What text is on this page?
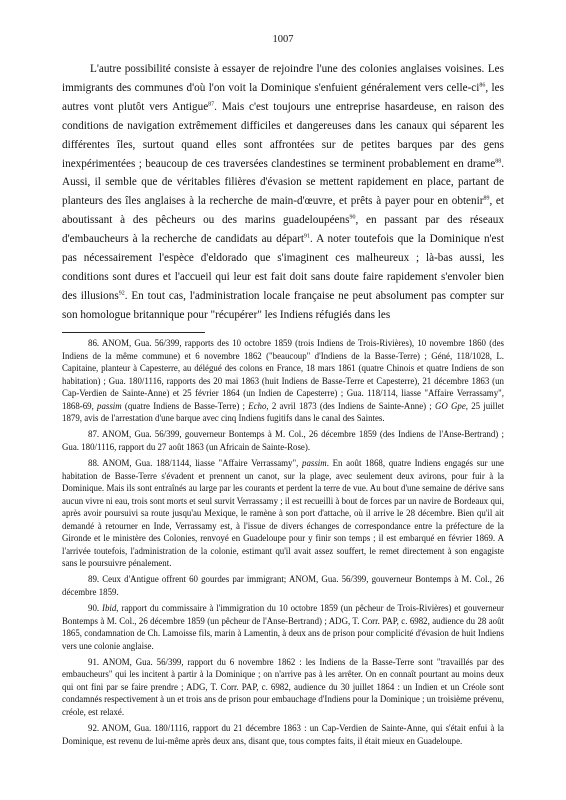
1007

L'autre possibilité consiste à essayer de rejoindre l'une des colonies anglaises voisines. Les immigrants des communes d'où l'on voit la Dominique s'enfuient généralement vers celle-$ci^{86}$, les autres vont plutôt vers Antigue$^{87}$. Mais c'est toujours une entreprise hasardeuse, en raison des conditions de navigation extrêmement difficiles et dangereuses dans les canaux qui séparent les différentes îles, surtout quand elles sont affrontées sur de petites barques par des gens inexpérimentées ; beaucoup de ces traversées clandestines se terminent probablement en drame$^{88}$. Aussi, il semble que de véritables filières d'évasion se mettent rapidement en place, partant de planteurs des îles anglaises à la recherche de main-d'œuvre, et prêts à payer pour en obtenir$^{89}$, et aboutissant à des pêcheurs ou des marins guadeloupéens$^{90}$, en passant par des réseaux d'embaucheurs à la recherche de candidats au départ$^{91}$. A noter toutefois que la Dominique n'est pas nécessairement l'espèce d'eldorado que s'imaginent ces malheureux ; là-bas aussi, les conditions sont dures et l'accueil qui leur est fait doit sans doute faire rapidement s'envoler bien des illusions$^{92}$. En tout cas, l'administration locale française ne peut absolument pas compter sur son homologue britannique pour "récupérer" les Indiens réfugiés dans les

86. ANOM, Gua. 56/399, rapports des 10 octobre 1859 (trois Indiens de Trois-Rivières), 10 novembre 1860 (des Indiens de la même commune) et 6 novembre 1862 ("beaucoup" d'Indiens de la Basse-Terre) ; Géné, 118/1028, L. Capitaine, planteur à Capesterre, au délégué des colons en France, 18 mars 1861 (quatre Chinois et quatre Indiens de son habitation) ; Gua. 180/1116, rapports des 20 mai 1863 (huit Indiens de Basse-Terre et Capesterre), 21 décembre 1863 (un Cap-Verdien de Sainte-Anne) et 25 février 1864 (un Indien de Capesterre) ; Gua. 118/114, liasse "Affaire Verrassamy", 1868-69, passim (quatre Indiens de Basse-Terre) ; Echo, 2 avril 1873 (des Indiens de Sainte-Anne) ; GO Gpe, 25 juillet 1879, avis de l'arrestation d'une barque avec cinq Indiens fugitifs dans le canal des Saintes.

87. ANOM, Gua. 56/399, gouverneur Bontemps à M. Col., 26 décembre 1859 (des Indiens de l'Anse-Bertrand) ; Gua. 180/1116, rapport du 27 août 1863 (un Africain de Sainte-Rose).

88. ANOM, Gua. 188/1144, liasse "Affaire Verrassamy", passim. En août 1868, quatre Indiens engagés sur une habitation de Basse-Terre s'évadent et prennent un canot, sur la plage, avec seulement deux avirons, pour fuir à la Dominique. Mais ils sont entraînés au large par les courants et perdent la terre de vue. Au bout d'une semaine de dérive sans aucun vivre ni eau, trois sont morts et seul survit Verrassamy ; il est recueilli à bout de forces par un navire de Bordeaux qui, après avoir poursuivi sa route jusqu'au Mexique, le ramène à son port d'attache, où il arrive le 28 décembre. Bien qu'il ait demandé à retourner en Inde, Verrassamy est, à l'issue de divers échanges de correspondance entre la préfecture de la Gironde et le ministère des Colonies, renvoyé en Guadeloupe pour y finir son temps ; il est embarqué en février 1869. A l'arrivée toutefois, l'administration de la colonie, estimant qu'il avait assez souffert, le remet directement à son engagiste sans le poursuivre pénalement.

89. Ceux d'Antigue offrent 60 gourdes par immigrant; ANOM, Gua. 56/399, gouverneur Bontemps à M. Col., 26 décembre 1859.

90. Ibid, rapport du commissaire à l'immigration du 10 octobre 1859 (un pêcheur de Trois-Rivières) et gouverneur Bontemps à M. Col., 26 décembre 1859 (un pêcheur de l'Anse-Bertrand) ; ADG, T. Corr. PAP, c. 6982, audience du 28 août 1865, condamnation de Ch. Lamoisse fils, marin à Lamentin, à deux ans de prison pour complicité d'évasion de huit Indiens vers une colonie anglaise.

91. ANOM, Gua. 56/399, rapport du 6 novembre 1862 : les Indiens de la Basse-Terre sont "travaillés par des embaucheurs" qui les incitent à partir à la Dominique ; on n'arrive pas à les arrêter. On en connaît pourtant au moins deux qui ont fini par se faire prendre ; ADG, T. Corr. PAP, c. 6982, audience du 30 juillet 1864 : un Indien et un Créole sont condamnés respectivement à un et trois ans de prison pour embauchage d'Indiens pour la Dominique ; un troisième prévenu, créole, est relaxé.

92. ANOM, Gua. 180/1116, rapport du 21 décembre 1863 : un Cap-Verdien de Sainte-Anne, qui s'était enfui à la Dominique, est revenu de lui-même après deux ans, disant que, tous comptes faits, il était mieux en Guadeloupe.
